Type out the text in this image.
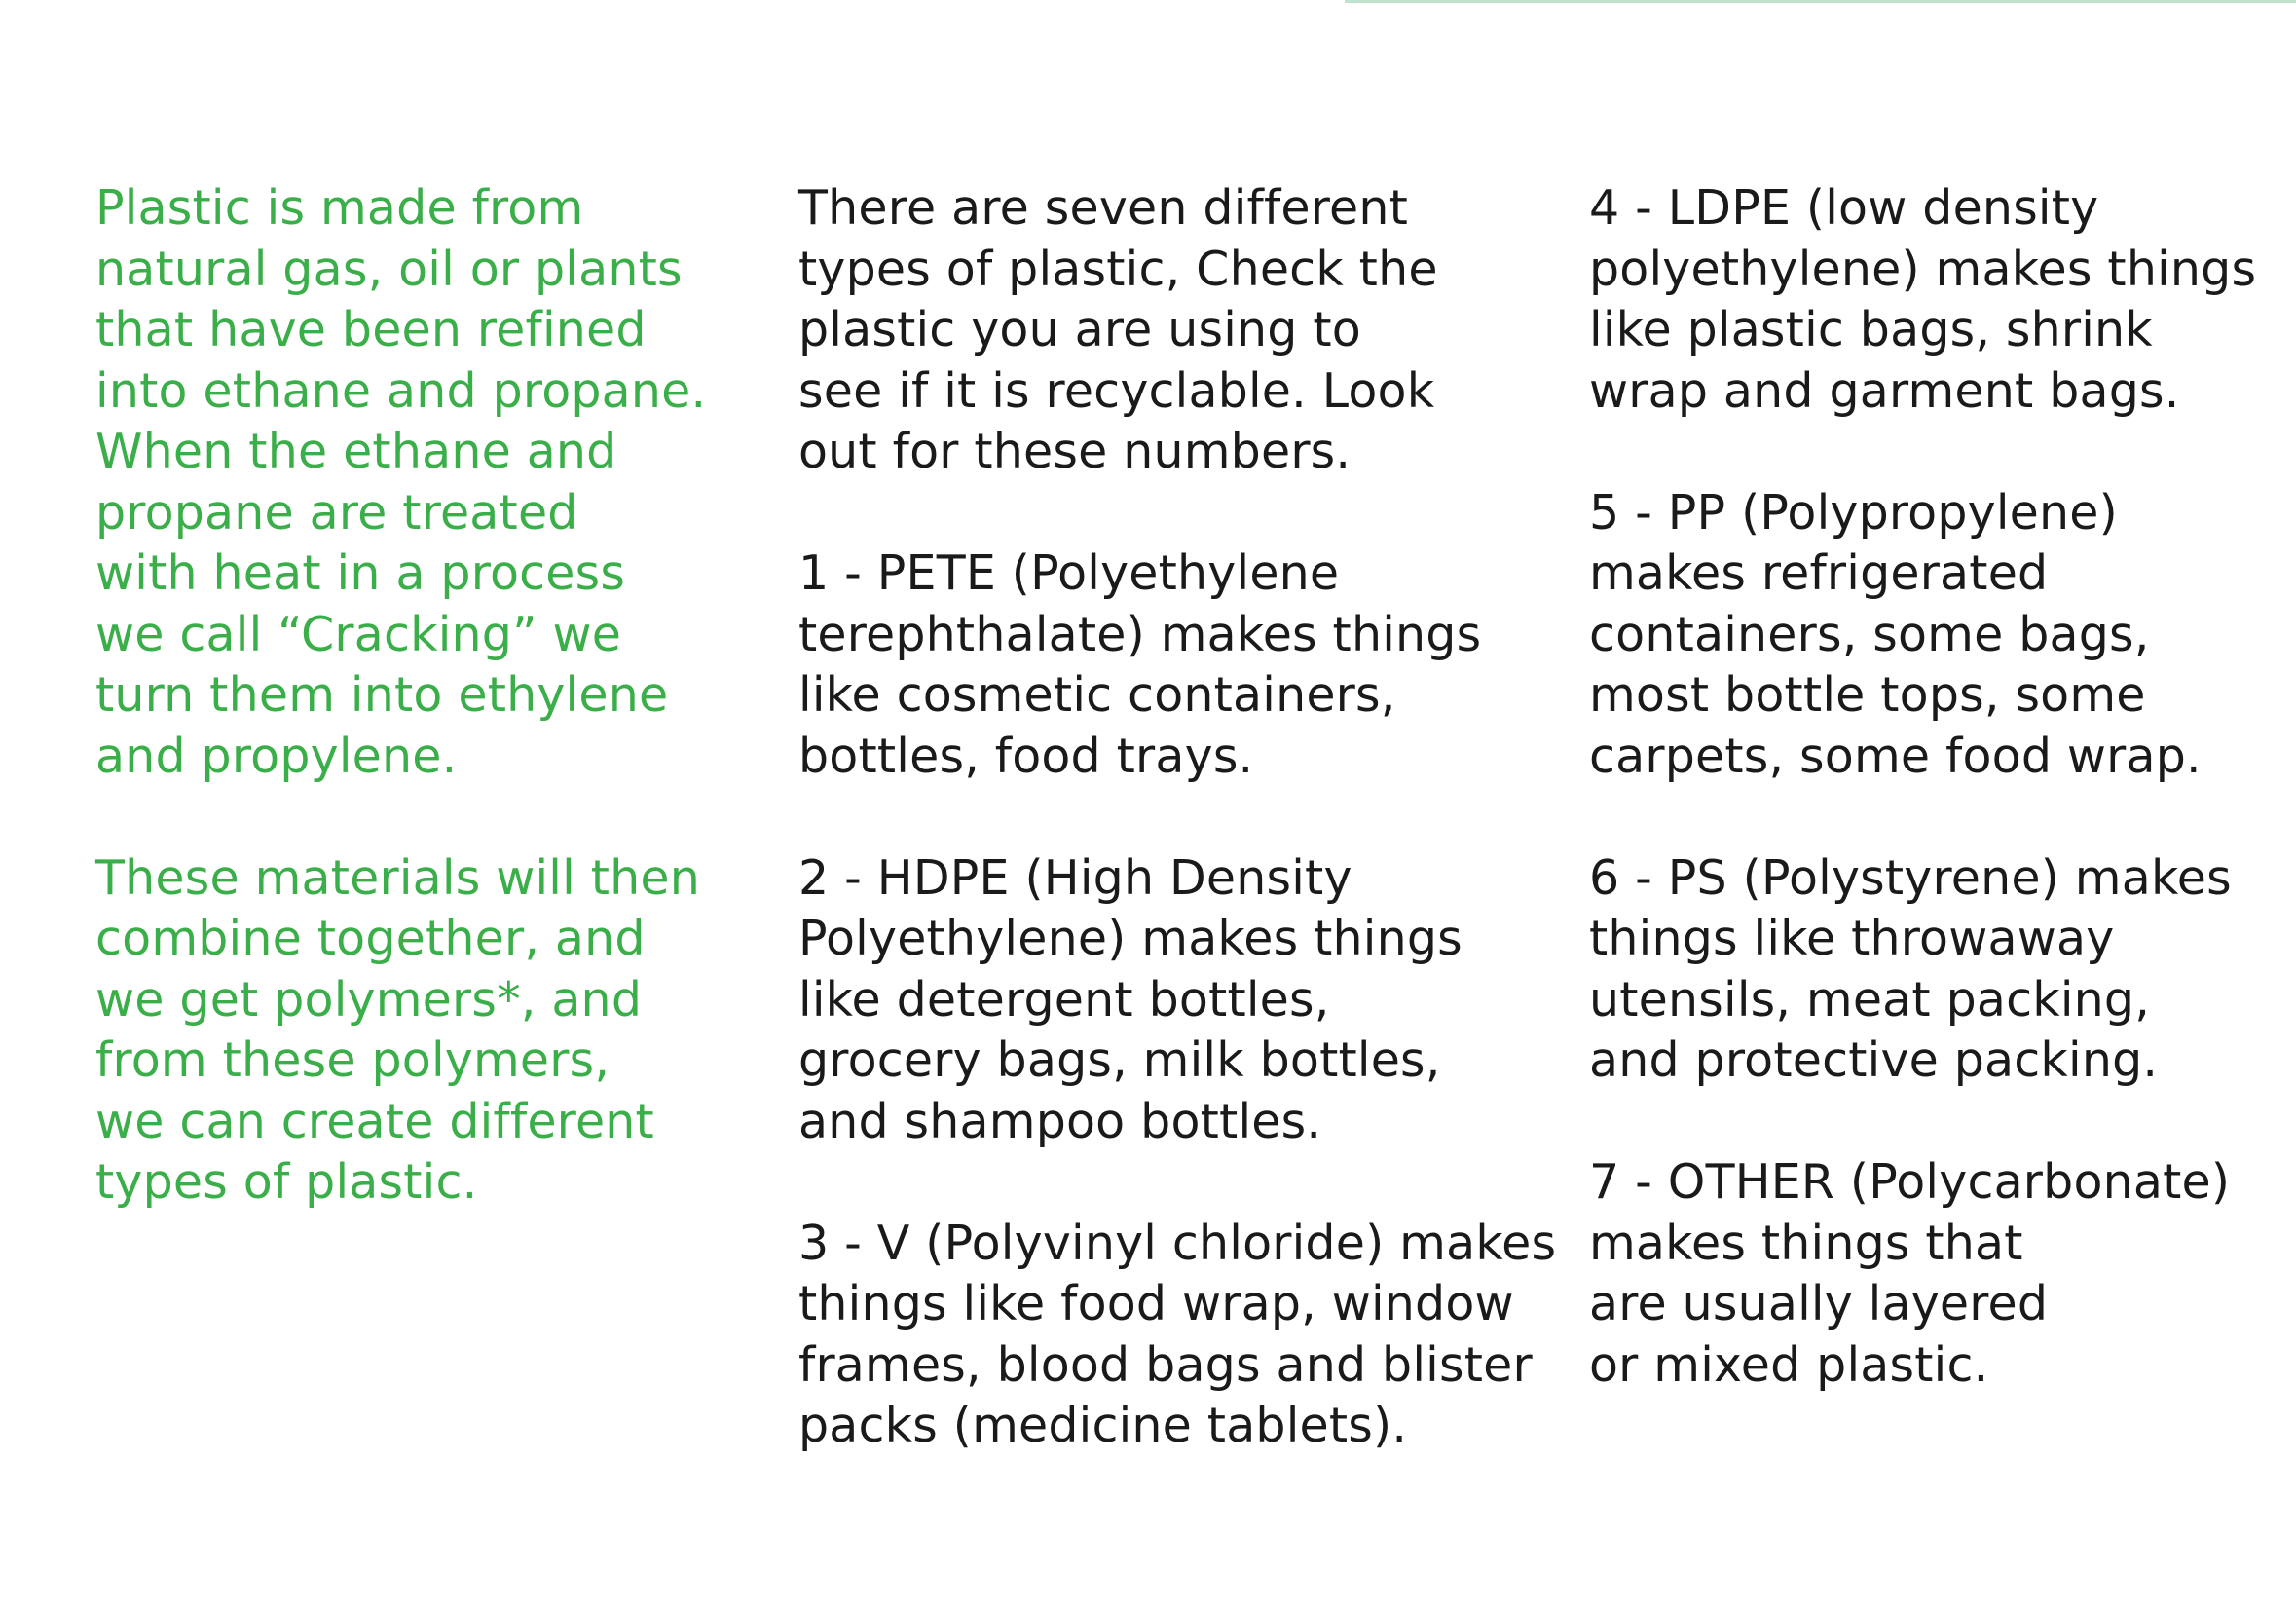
Plastic is made from
natural gas, oil or plants
that have been refined
into ethane and propane.
When the ethane and
propane are treated
with heat in a process
we call “Cracking” we
turn them into ethylene
and propylene.

These materials will then
combine together, and
we get polymers*, and
from these polymers,
we can create different
types of plastic.

There are seven different
types of plastic, Check the
plastic you are using to
see if it is recyclable. Look
out for these numbers.

1 - PETE (Polyethylene
terephthalate) makes things
like cosmetic containers,
bottles, food trays.

2 - HDPE (High Density
Polyethylene) makes things
like detergent bottles,
grocery bags, milk bottles,
and shampoo bottles.

3 - V (Polyvinyl chloride) makes
things like food wrap, window
frames, blood bags and blister
packs (medicine tablets).

4 - LDPE (low density
polyethylene) makes things
like plastic bags, shrink
wrap and garment bags.

5 - PP (Polypropylene)
makes refrigerated
containers, some bags,
most bottle tops, some
carpets, some food wrap.

6 - PS (Polystyrene) makes
things like throwaway
utensils, meat packing,
and protective packing.

7 - OTHER (Polycarbonate)
makes things that
are usually layered
or mixed plastic.
